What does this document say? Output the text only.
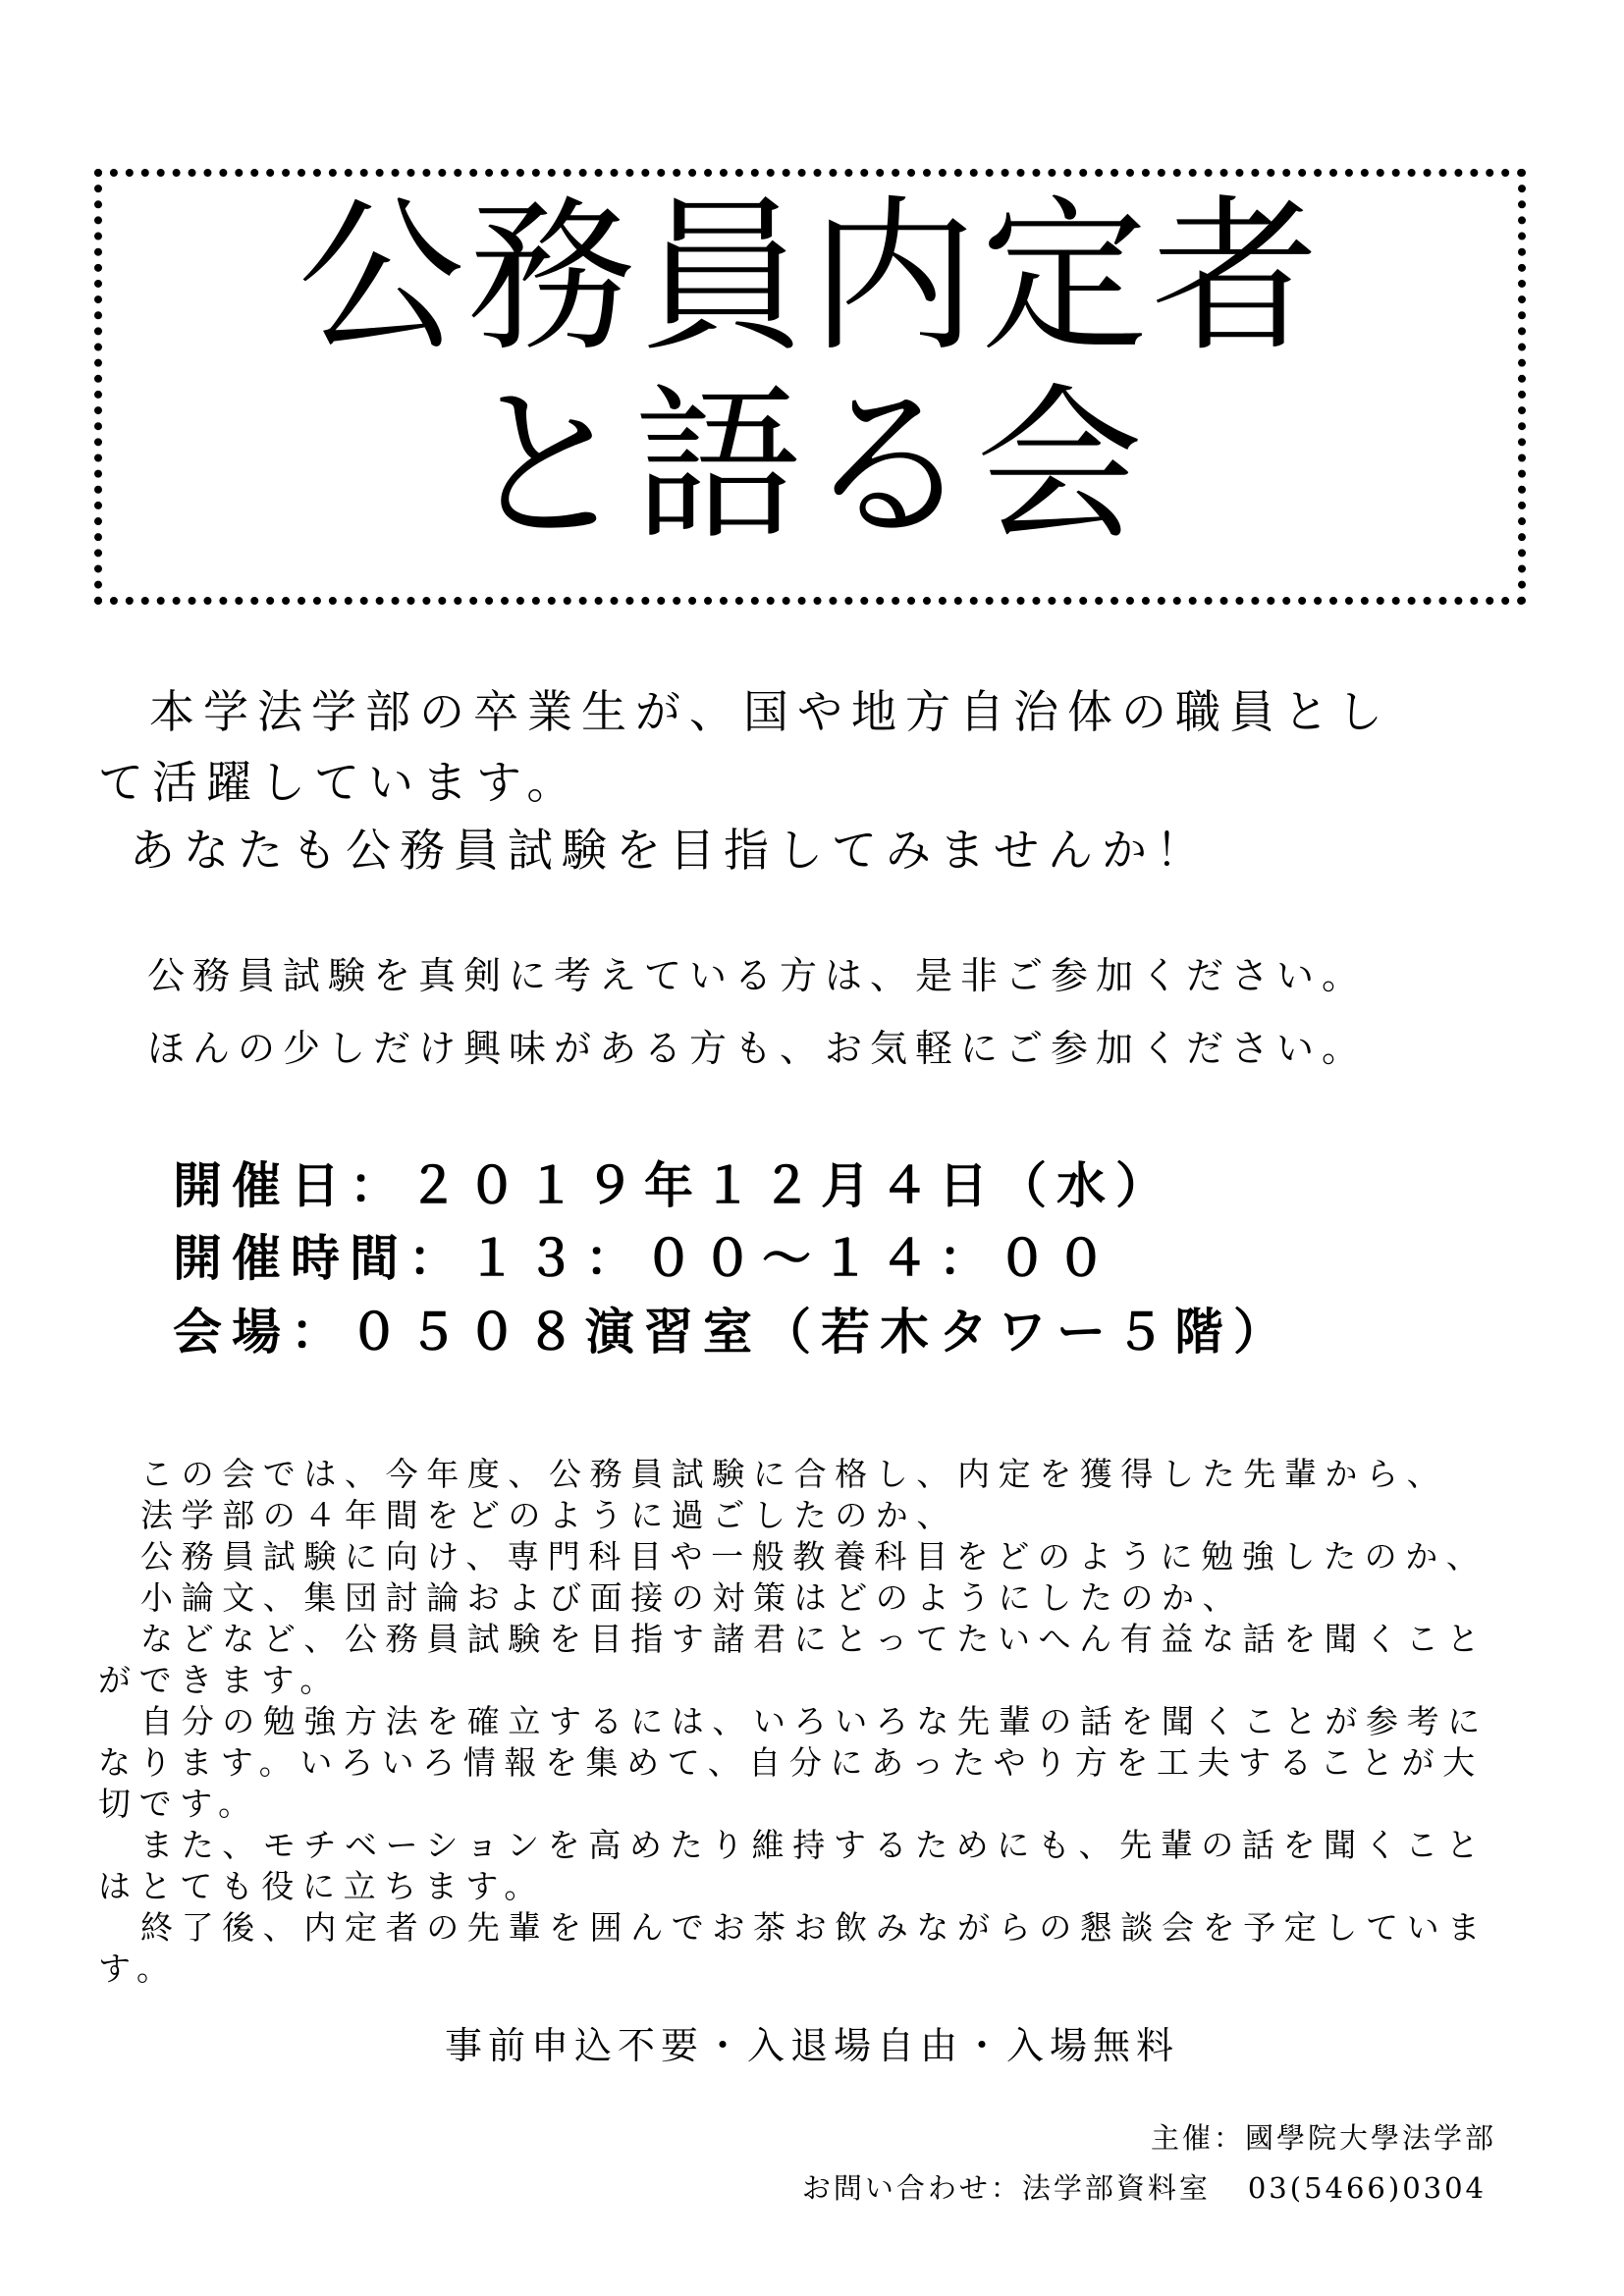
公務員内定者
と語る会
本学法学部の卒業生が、国や地方自治体の職員とし
て活躍しています。
あなたも公務員試験を目指してみませんか！
公務員試験を真剣に考えている方は、是非ご参加ください。
ほんの少しだけ興味がある方も、お気軽にご参加ください。
開催日：２０１９年１２月４日（水）
開催時間：１３：００～１４：００
会場：０５０８演習室（若木タワー５階）
この会では、今年度、公務員試験に合格し、内定を獲得した先輩から、
法学部の４年間をどのように過ごしたのか、
公務員試験に向け、専門科目や一般教養科目をどのように勉強したのか、
小論文、集団討論および面接の対策はどのようにしたのか、
などなど、公務員試験を目指す諸君にとってたいへん有益な話を聞くこと
ができます。
自分の勉強方法を確立するには、いろいろな先輩の話を聞くことが参考に
なります。いろいろ情報を集めて、自分にあったやり方を工夫することが大
切です。
また、モチベーションを高めたり維持するためにも、先輩の話を聞くこと
はとても役に立ちます。
終了後、内定者の先輩を囲んでお茶お飲みながらの懇談会を予定していま
す。
事前申込不要・入退場自由・入場無料
主催：國學院大學法学部
お問い合わせ：法学部資料室 03(5466)0304
